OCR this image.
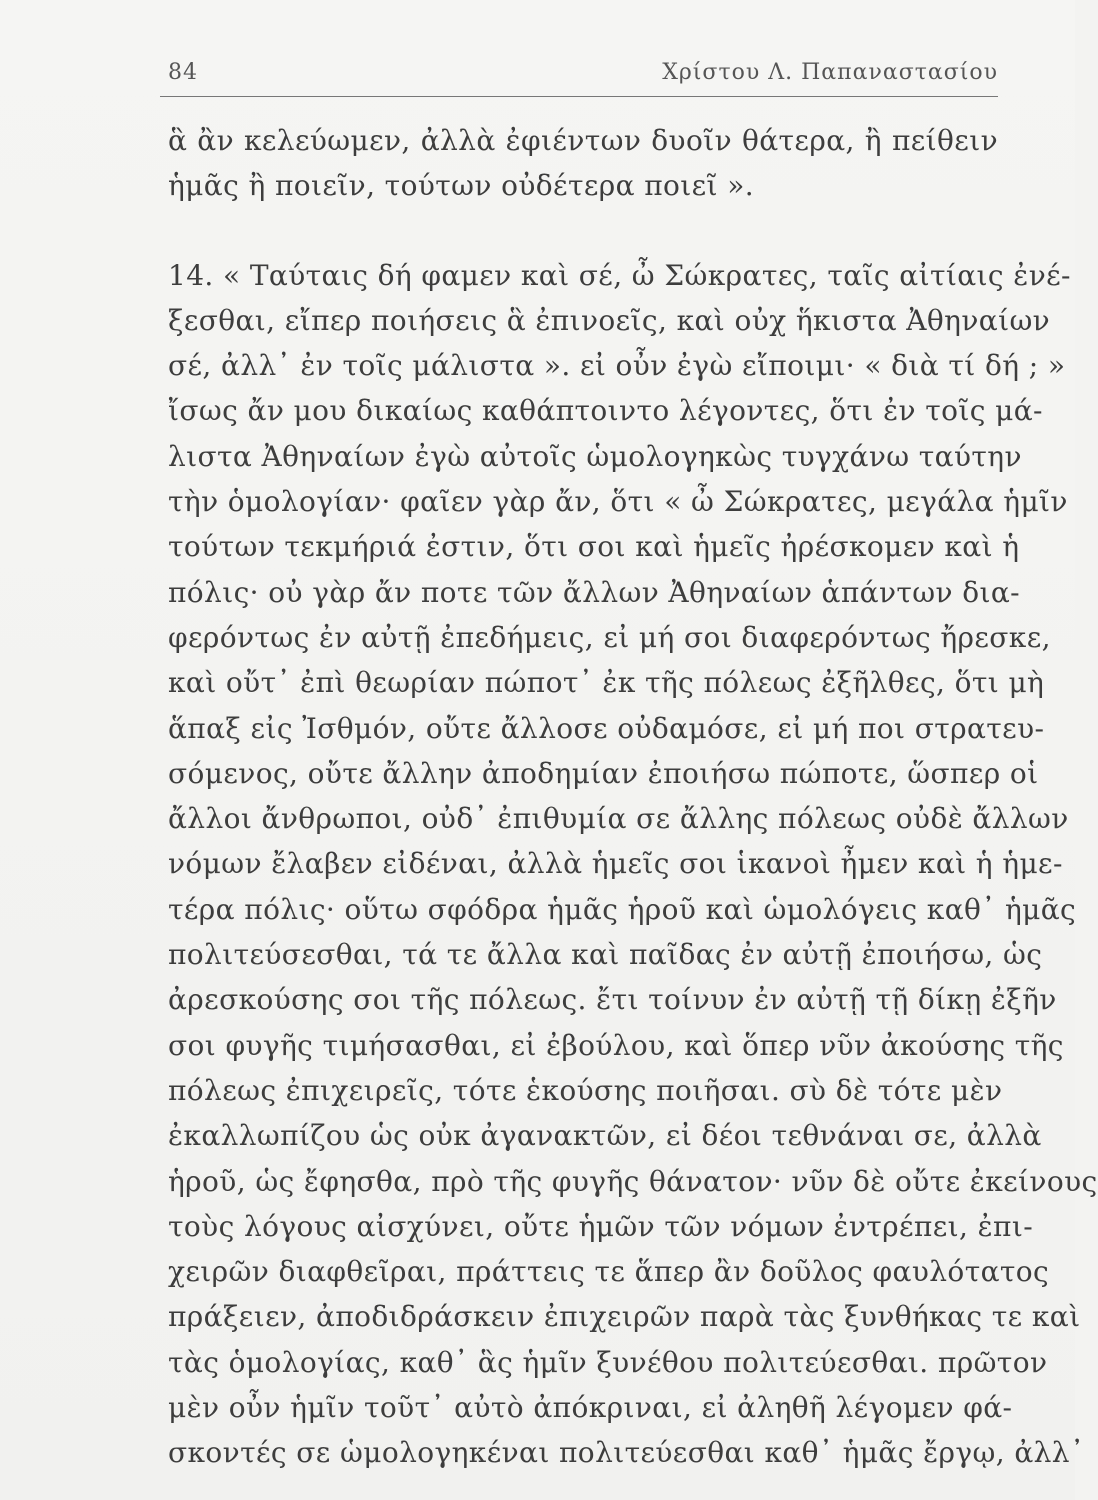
84	Χρίστου Λ. Παπαναστασίου
ἃ ἂν κελεύωμεν, ἀλλὰ ἐφιέντων δυοῖν θάτερα, ἢ πείθειν
ἡμᾶς ἢ ποιεῖν, τούτων οὐδέτερα ποιεῖ ».
14. « Ταύταις δή φαμεν καὶ σέ, ὦ Σώκρατες, ταῖς αἰτίαις ἐνέ-
ξεσθαι, εἴπερ ποιήσεις ἃ ἐπινοεῖς, καὶ οὐχ ἥκιστα Ἀθηναίων
σέ, ἀλλ᾽ ἐν τοῖς μάλιστα ». εἰ οὖν ἐγὼ εἴποιμι· « διὰ τί δή ; »
ἴσως ἄν μου δικαίως καθάπτοιντο λέγοντες, ὅτι ἐν τοῖς μά-
λιστα Ἀθηναίων ἐγὼ αὐτοῖς ὡμολογηκὼς τυγχάνω ταύτην
τὴν ὁμολογίαν· φαῖεν γὰρ ἄν, ὅτι « ὦ Σώκρατες, μεγάλα ἡμῖν
τούτων τεκμήριά ἐστιν, ὅτι σοι καὶ ἡμεῖς ἠρέσκομεν καὶ ἡ
πόλις· οὐ γὰρ ἄν ποτε τῶν ἄλλων Ἀθηναίων ἁπάντων δια-
φερόντως ἐν αὐτῇ ἐπεδήμεις, εἰ μή σοι διαφερόντως ἤρεσκε,
καὶ οὔτ᾽ ἐπὶ θεωρίαν πώποτ᾽ ἐκ τῆς πόλεως ἐξῆλθες, ὅτι μὴ
ἅπαξ εἰς Ἰσθμόν, οὔτε ἄλλοσε οὐδαμόσε, εἰ μή ποι στρατευ-
σόμενος, οὔτε ἄλλην ἀποδημίαν ἐποιήσω πώποτε, ὥσπερ οἱ
ἄλλοι ἄνθρωποι, οὐδ᾽ ἐπιθυμία σε ἄλλης πόλεως οὐδὲ ἄλλων
νόμων ἔλαβεν εἰδέναι, ἀλλὰ ἡμεῖς σοι ἱκανοὶ ἦμεν καὶ ἡ ἡμε-
τέρα πόλις· οὕτω σφόδρα ἡμᾶς ἡροῦ καὶ ὡμολόγεις καθ᾽ ἡμᾶς
πολιτεύσεσθαι, τά τε ἄλλα καὶ παῖδας ἐν αὐτῇ ἐποιήσω, ὡς
ἀρεσκούσης σοι τῆς πόλεως. ἔτι τοίνυν ἐν αὐτῇ τῇ δίκῃ ἐξῆν
σοι φυγῆς τιμήσασθαι, εἰ ἐβούλου, καὶ ὅπερ νῦν ἀκούσης τῆς
πόλεως ἐπιχειρεῖς, τότε ἑκούσης ποιῆσαι. σὺ δὲ τότε μὲν
ἐκαλλωπίζου ὡς οὐκ ἀγανακτῶν, εἰ δέοι τεθνάναι σε, ἀλλὰ
ἡροῦ, ὡς ἔφησθα, πρὸ τῆς φυγῆς θάνατον· νῦν δὲ οὔτε ἐκείνους
τοὺς λόγους αἰσχύνει, οὔτε ἡμῶν τῶν νόμων ἐντρέπει, ἐπι-
χειρῶν διαφθεῖραι, πράττεις τε ἅπερ ἂν δοῦλος φαυλότατος
πράξειεν, ἀποδιδράσκειν ἐπιχειρῶν παρὰ τὰς ξυνθήκας τε καὶ
τὰς ὁμολογίας, καθ᾽ ἃς ἡμῖν ξυνέθου πολιτεύεσθαι. πρῶτον
μὲν οὖν ἡμῖν τοῦτ᾽ αὐτὸ ἀπόκριναι, εἰ ἀληθῆ λέγομεν φά-
σκοντές σε ὡμολογηκέναι πολιτεύεσθαι καθ᾽ ἡμᾶς ἔργῳ, ἀλλ᾽
